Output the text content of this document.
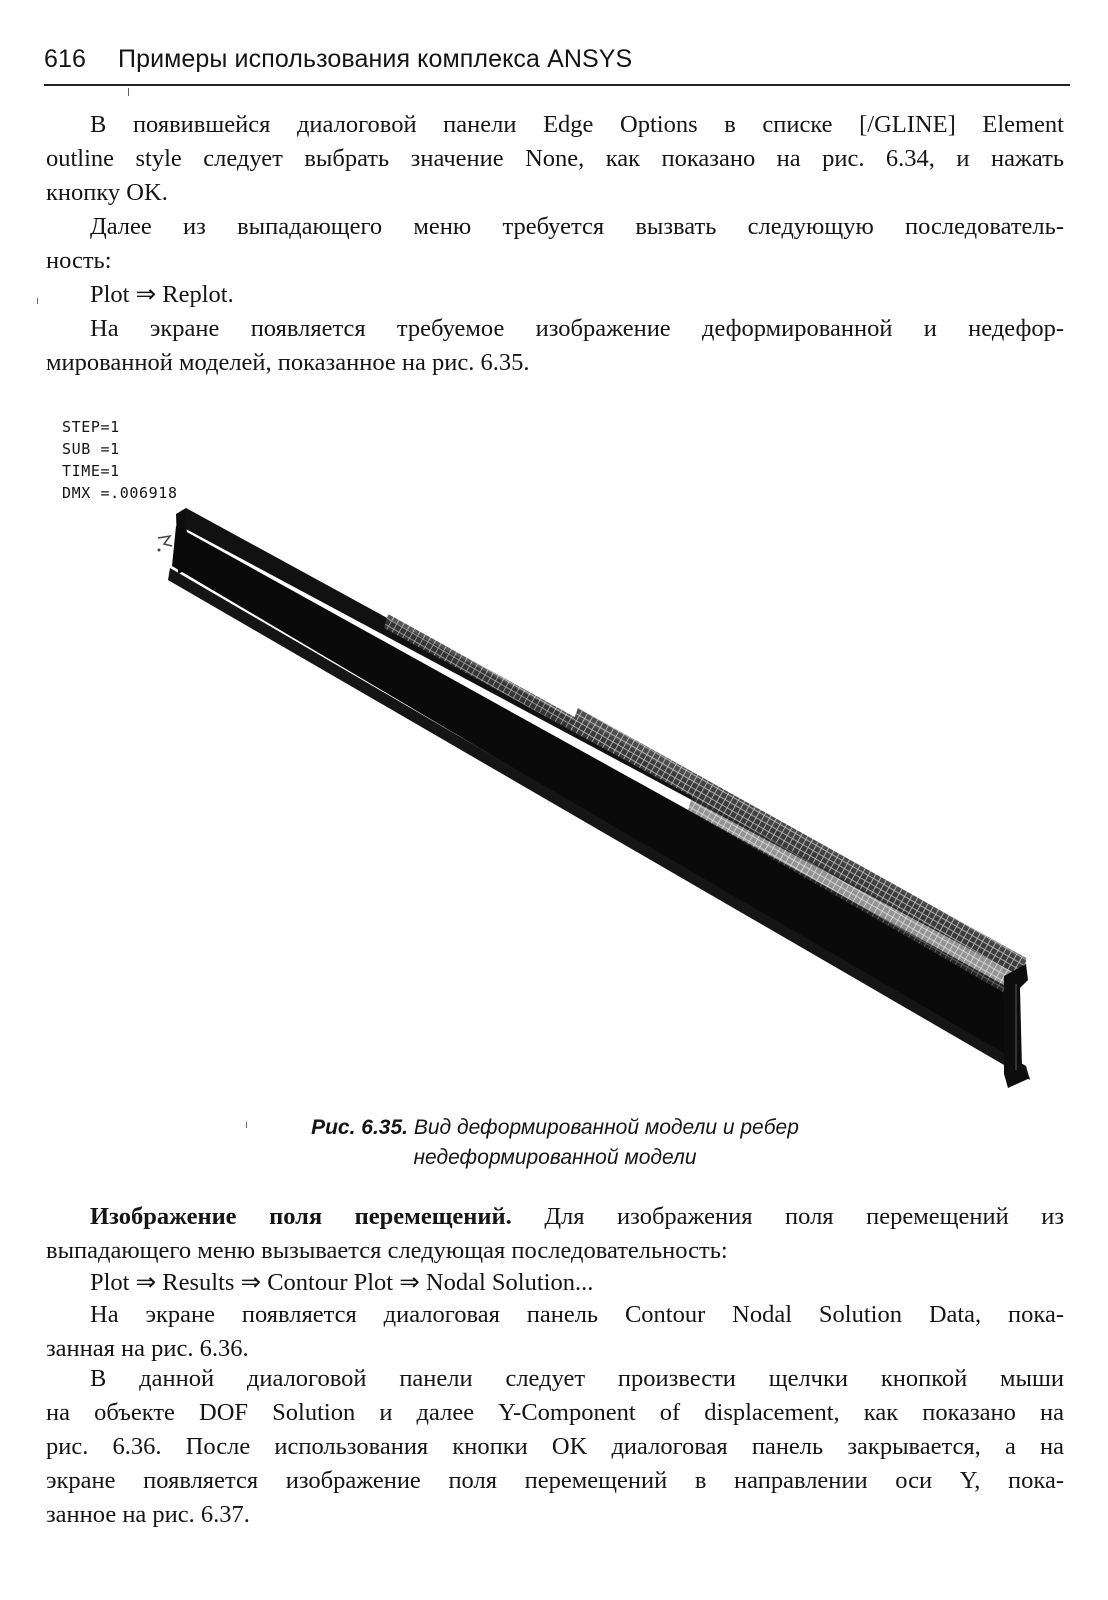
616 Примеры использования комплекса ANSYS
В появившейся диалоговой панели Edge Options в списке [/GLINE] Element
outline style следует выбрать значение None, как показано на рис. 6.34, и нажать
кнопку OK.
Далее из выпадающего меню требуется вызвать следующую последователь-
ность:
Plot ⇒ Replot.
На экране появляется требуемое изображение деформированной и недефор-
мированной моделей, показанное на рис. 6.35.
STEP=1
SUB =1
TIME=1
DMX =.006918
Рис. 6.35. Вид деформированной модели и ребер
недеформированной модели
Изображение поля перемещений. Для изображения поля перемещений из
выпадающего меню вызывается следующая последовательность:
Plot ⇒ Results ⇒ Contour Plot ⇒ Nodal Solution...
На экране появляется диалоговая панель Contour Nodal Solution Data, пока-
занная на рис. 6.36.
В данной диалоговой панели следует произвести щелчки кнопкой мыши
на объекте DOF Solution и далее Y-Component of displacement, как показано на
рис. 6.36. После использования кнопки OK диалоговая панель закрывается, а на
экране появляется изображение поля перемещений в направлении оси Y, пока-
занное на рис. 6.37.
